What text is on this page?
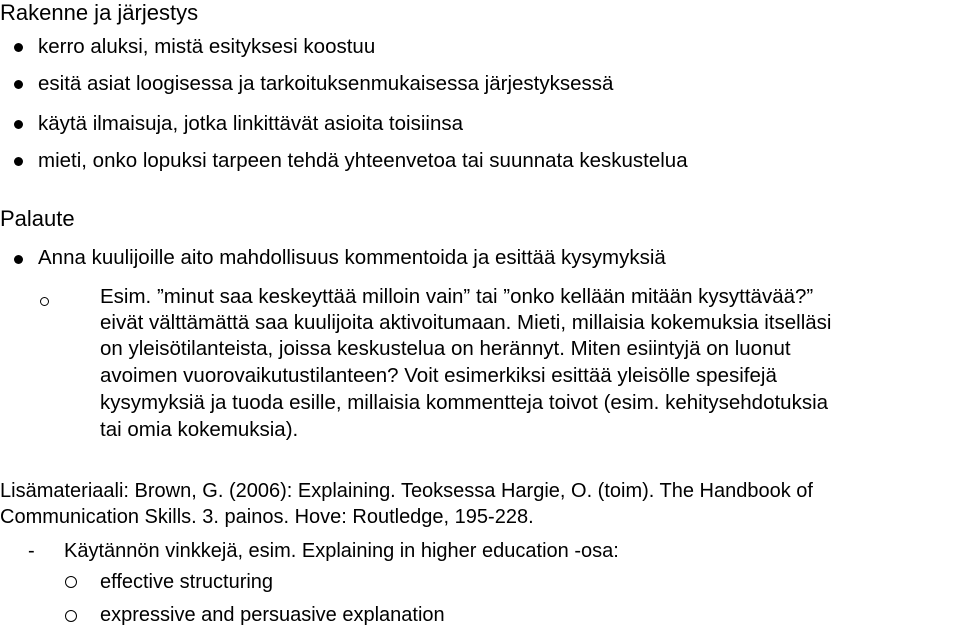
Rakenne ja järjestys
kerro aluksi, mistä esityksesi koostuu
esitä asiat loogisessa ja tarkoituksenmukaisessa järjestyksessä
käytä ilmaisuja, jotka linkittävät asioita toisiinsa
mieti, onko lopuksi tarpeen tehdä yhteenvetoa tai suunnata keskustelua
Palaute
Anna kuulijoille aito mahdollisuus kommentoida ja esittää kysymyksiä
Esim. ”minut saa keskeyttää milloin vain” tai ”onko kellään mitään kysyttävää?”
eivät välttämättä saa kuulijoita aktivoitumaan. Mieti, millaisia kokemuksia itselläsi
on yleisötilanteista, joissa keskustelua on herännyt. Miten esiintyjä on luonut
avoimen vuorovaikutustilanteen? Voit esimerkiksi esittää yleisölle spesifejä
kysymyksiä ja tuoda esille, millaisia kommentteja toivot (esim. kehitysehdotuksia
tai omia kokemuksia).
Lisämateriaali: Brown, G. (2006): Explaining. Teoksessa Hargie, O. (toim). The Handbook of
Communication Skills. 3. painos. Hove: Routledge, 195-228.
- Käytännön vinkkejä, esim. Explaining in higher education -osa:
effective structuring
expressive and persuasive explanation
